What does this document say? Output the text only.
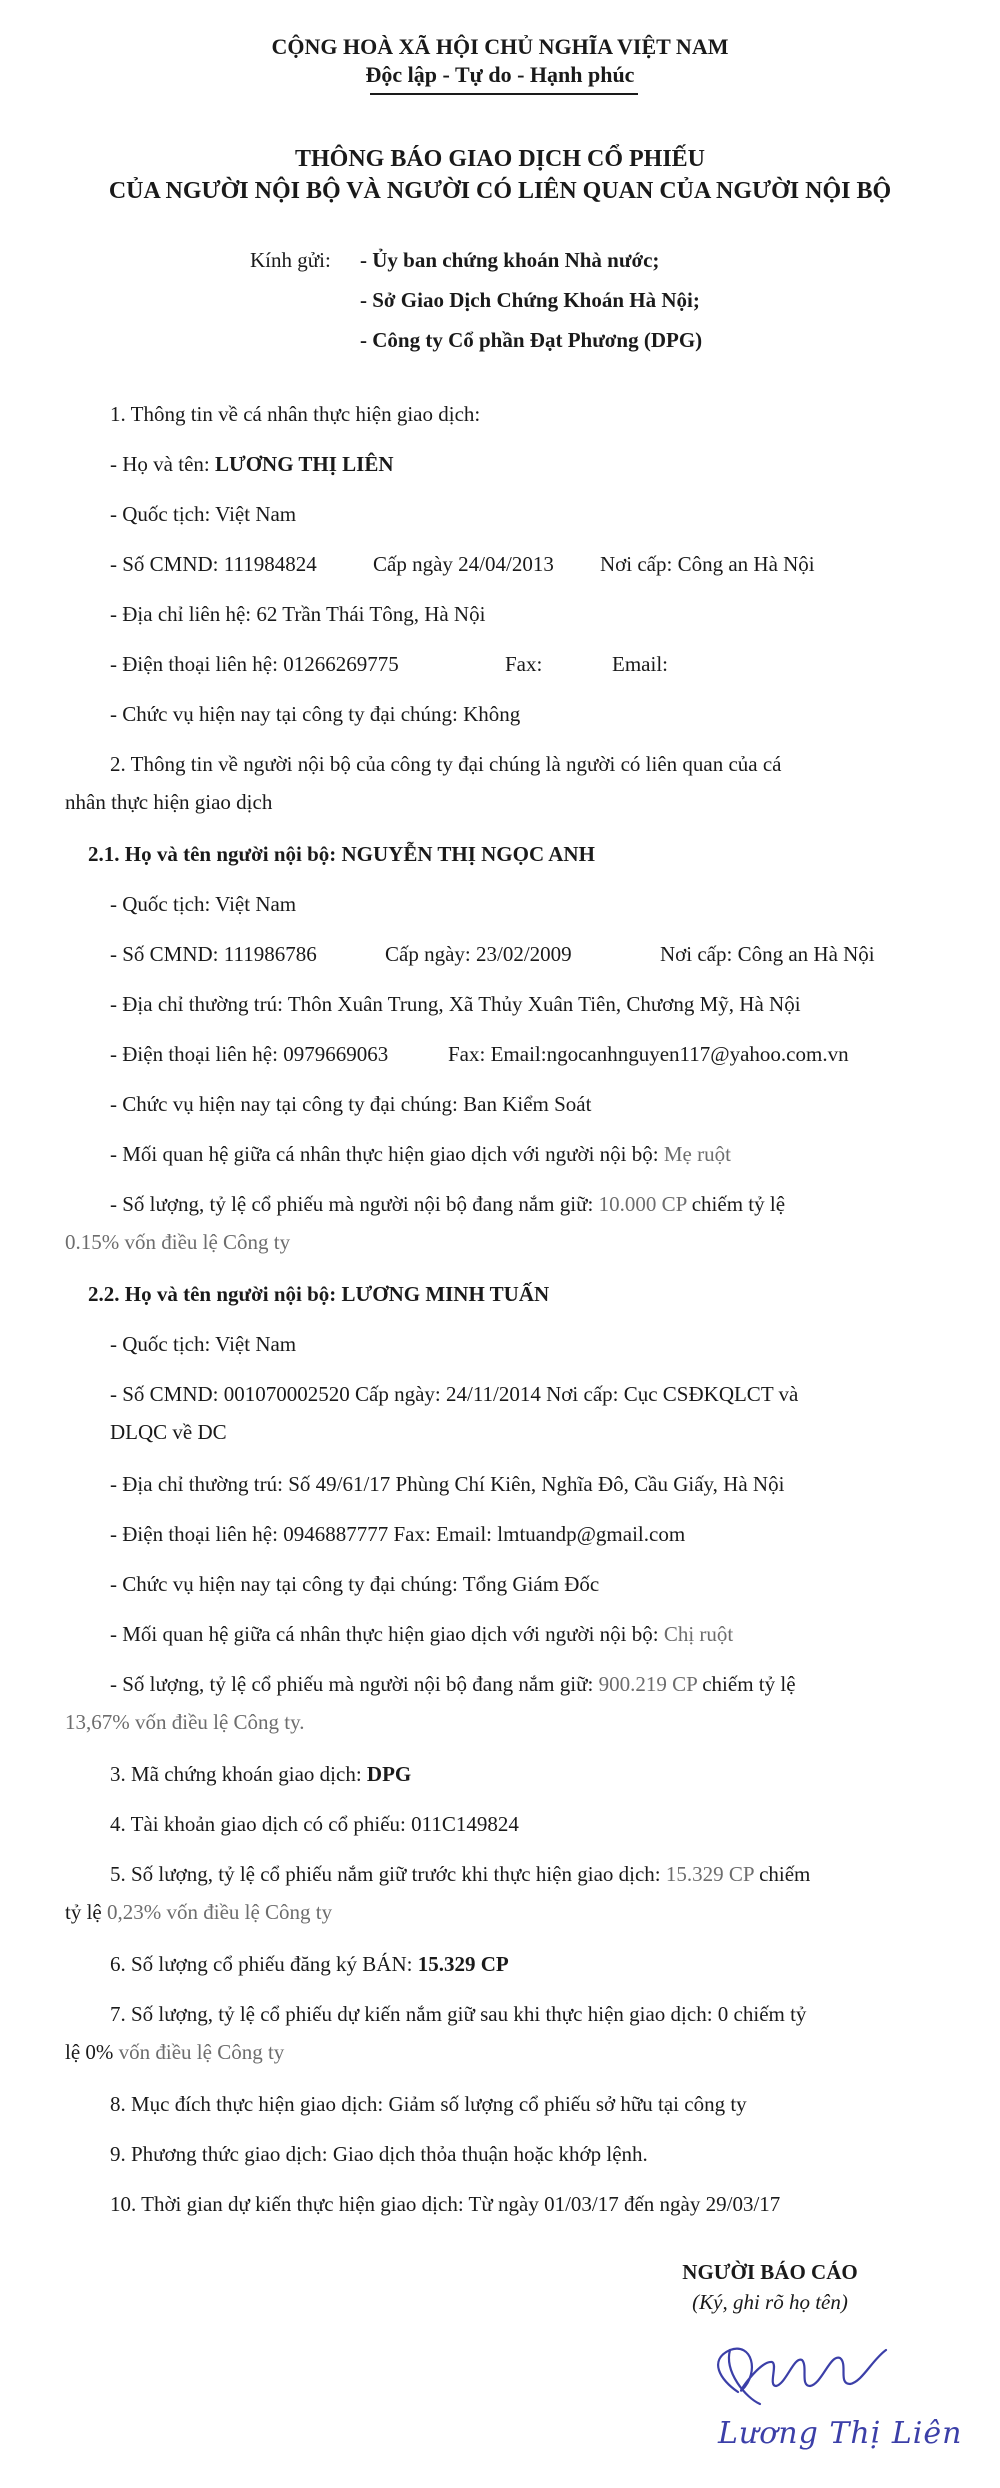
CỘNG HOÀ XÃ HỘI CHỦ NGHĨA VIỆT NAM
Độc lập - Tự do - Hạnh phúc
THÔNG BÁO GIAO DỊCH CỔ PHIẾU
CỦA NGƯỜI NỘI BỘ VÀ NGƯỜI CÓ LIÊN QUAN CỦA NGƯỜI NỘI BỘ
Kính gửi: - Ủy ban chứng khoán Nhà nước;
- Sở Giao Dịch Chứng Khoán Hà Nội;
- Công ty Cổ phần Đạt Phương (DPG)
1. Thông tin về cá nhân thực hiện giao dịch:
- Họ và tên: LƯƠNG THỊ LIÊN
- Quốc tịch: Việt Nam
- Số CMND: 111984824	Cấp ngày 24/04/2013 Nơi cấp: Công an Hà Nội
- Địa chỉ liên hệ: 62 Trần Thái Tông, Hà Nội
- Điện thoại liên hệ: 01266269775	Fax:	Email:
- Chức vụ hiện nay tại công ty đại chúng: Không
2. Thông tin về người nội bộ của công ty đại chúng là người có liên quan của cá
nhân thực hiện giao dịch
2.1. Họ và tên người nội bộ: NGUYỄN THỊ NGỌC ANH
- Quốc tịch: Việt Nam
- Số CMND: 111986786	Cấp ngày: 23/02/2009	Nơi cấp: Công an Hà Nội
- Địa chỉ thường trú: Thôn Xuân Trung, Xã Thủy Xuân Tiên, Chương Mỹ, Hà Nội
- Điện thoại liên hệ: 0979669063	Fax: Email:ngocanhnguyen117@yahoo.com.vn
- Chức vụ hiện nay tại công ty đại chúng: Ban Kiểm Soát
- Mối quan hệ giữa cá nhân thực hiện giao dịch với người nội bộ: Mẹ ruột
- Số lượng, tỷ lệ cổ phiếu mà người nội bộ đang nắm giữ: 10.000 CP chiếm tỷ lệ
0.15% vốn điều lệ Công ty
2.2. Họ và tên người nội bộ: LƯƠNG MINH TUẤN
- Quốc tịch: Việt Nam
- Số CMND: 001070002520 Cấp ngày: 24/11/2014 Nơi cấp: Cục CSĐKQLCT và
DLQC về DC
- Địa chỉ thường trú: Số 49/61/17 Phùng Chí Kiên, Nghĩa Đô, Cầu Giấy, Hà Nội
- Điện thoại liên hệ: 0946887777 Fax: Email: lmtuandp@gmail.com
- Chức vụ hiện nay tại công ty đại chúng: Tổng Giám Đốc
- Mối quan hệ giữa cá nhân thực hiện giao dịch với người nội bộ: Chị ruột
- Số lượng, tỷ lệ cổ phiếu mà người nội bộ đang nắm giữ: 900.219 CP chiếm tỷ lệ
13,67% vốn điều lệ Công ty.
3. Mã chứng khoán giao dịch: DPG
4. Tài khoản giao dịch có cổ phiếu: 011C149824
5. Số lượng, tỷ lệ cổ phiếu nắm giữ trước khi thực hiện giao dịch: 15.329 CP chiếm
tỷ lệ 0,23% vốn điều lệ Công ty
6. Số lượng cổ phiếu đăng ký BÁN: 15.329 CP
7. Số lượng, tỷ lệ cổ phiếu dự kiến nắm giữ sau khi thực hiện giao dịch: 0 chiếm tỷ
lệ 0% vốn điều lệ Công ty
8. Mục đích thực hiện giao dịch: Giảm số lượng cổ phiếu sở hữu tại công ty
9. Phương thức giao dịch: Giao dịch thỏa thuận hoặc khớp lệnh.
10. Thời gian dự kiến thực hiện giao dịch: Từ ngày 01/03/17 đến ngày 29/03/17
NGƯỜI BÁO CÁO
(Ký, ghi rõ họ tên)
Lương Thị Liên
